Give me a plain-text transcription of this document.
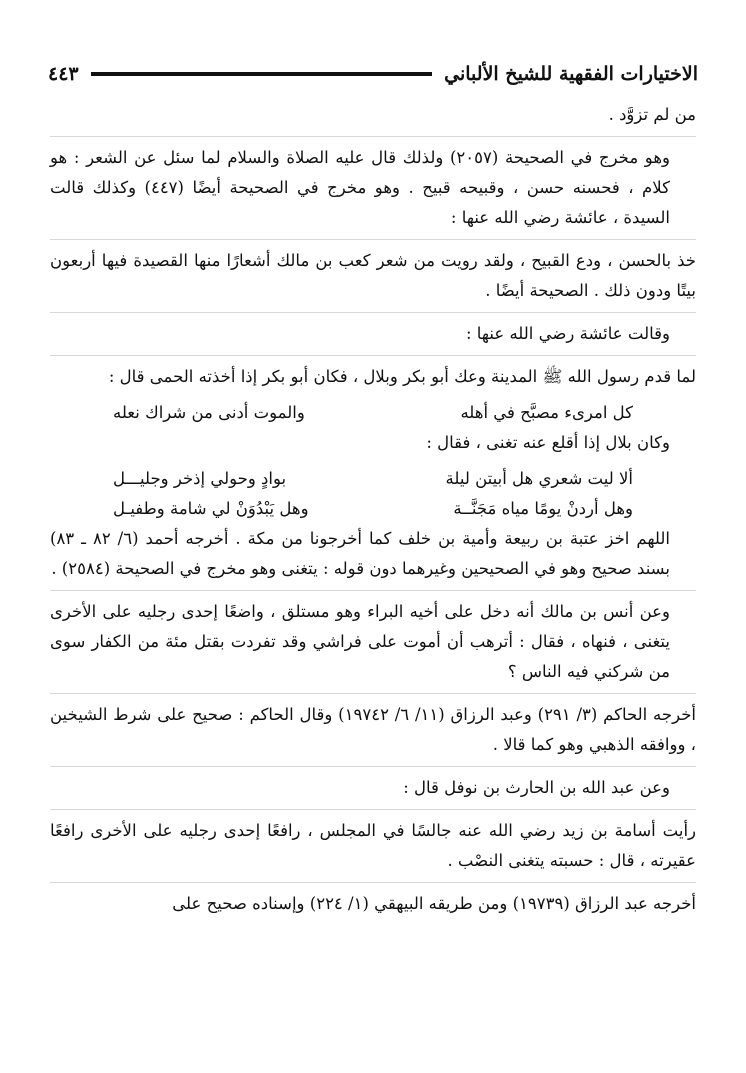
الاختيارات الفقهية للشيخ الألباني
٤٤٣

من لم تزوَّد .

وهو مخرج في الصحيحة (٢٠٥٧) ولذلك قال عليه الصلاة والسلام لما سئل عن الشعر : هو كلام ، فحسنه حسن ، وقبيحه قبيح . وهو مخرج في الصحيحة أيضًا (٤٤٧) وكذلك قالت السيدة ، عائشة رضي الله عنها :

خذ بالحسن ، ودع القبيح ، ولقد رويت من شعر كعب بن مالك أشعارًا منها القصيدة فيها أربعون بيتًا ودون ذلك . الصحيحة أيضًا .

وقالت عائشة رضي الله عنها :

لما قدم رسول الله ﷺ المدينة وعك أبو بكر وبلال ، فكان أبو بكر إذا أخذته الحمى قال :

كل امرىء مصبَّح في أهله
والموت أدنى من شراك نعله

وكان بلال إذا أقلع عنه تغنى ، فقال :

ألا ليت شعري هل أبيتن ليلة
بوادٍ وحولي إذخر وجليـــل
وهل أردنْ يومًا مياه مَجَنَّــة
وهل يَبْدُوَنْ لي شامة وطفيـل

اللهم اخز عتبة بن ربيعة وأمية بن خلف كما أخرجونا من مكة . أخرجه أحمد (٦/ ٨٢ ـ ٨٣) بسند صحيح وهو في الصحيحين وغيرهما دون قوله : يتغنى وهو مخرج في الصحيحة (٢٥٨٤) .

وعن أنس بن مالك أنه دخل على أخيه البراء وهو مستلق ، واضعًا إحدى رجليه على الأخرى يتغنى ، فنهاه ، فقال : أترهب أن أموت على فراشي وقد تفردت بقتل مئة من الكفار سوى من شركني فيه الناس ؟

أخرجه الحاكم (٣/ ٢٩١) وعبد الرزاق (١١/ ٦/ ١٩٧٤٢) وقال الحاكم : صحيح على شرط الشيخين ، ووافقه الذهبي وهو كما قالا .

وعن عبد الله بن الحارث بن نوفل قال :

رأيت أسامة بن زيد رضي الله عنه جالسًا في المجلس ، رافعًا إحدى رجليه على الأخرى رافعًا عقيرته ، قال : حسبته يتغنى النصْب .

أخرجه عبد الرزاق (١٩٧٣٩) ومن طريقه البيهقي (١/ ٢٢٤) وإسناده صحيح على
